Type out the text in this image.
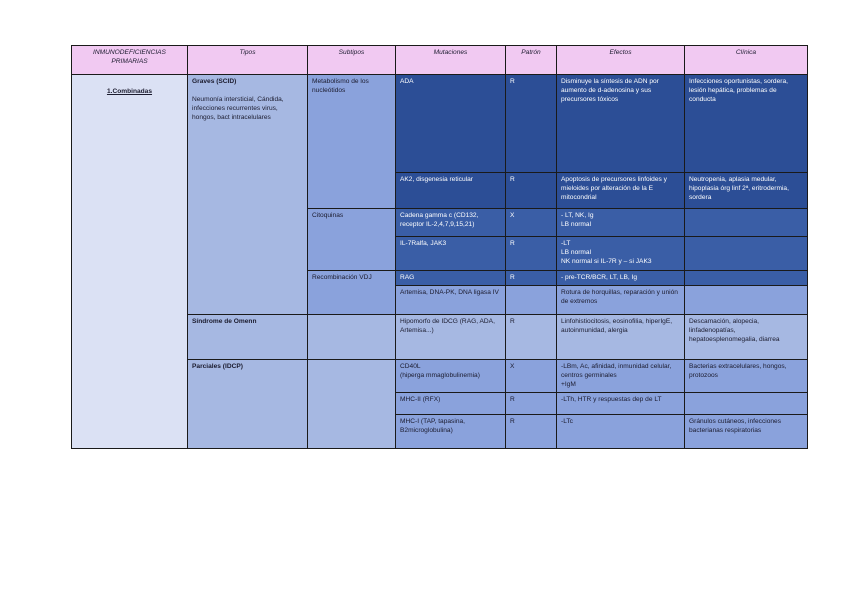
INMUNODEFICIENCIAS PRIMARIAS	Tipos	Subtipos	Mutaciones	Patrón	Efectos	Clínica
1.Combinadas	Graves (SCID)
Neumonía intersticial, Cándida, infecciones recurrentes virus, hongos, bact intracelulares	Metabolismo de los nucleótidos	ADA	R	Disminuye la síntesis de ADN por aumento de d-adenosina y sus precursores tóxicos	Infecciones oportunistas, sordera, lesión hepática, problemas de conducta
			AK2, disgenesia reticular	R	Apoptosis de precursores linfoides y mieloides por alteración de la E mitocondrial	Neutropenia, aplasia medular, hipoplasia órg linf 2ª, eritrodermia, sordera
		Citoquinas	Cadena gamma c (CD132, receptor IL-2,4,7,9,15,21)	X	- LT, NK, Ig
LB normal	
			IL-7Ralfa, JAK3	R	-LT
LB normal
NK normal si IL-7R y – si JAK3	
		Recombinación VDJ	RAG	R	- pre-TCR/BCR, LT, LB, Ig	
			Artemisa, DNA-PK, DNA ligasa IV		Rotura de horquillas, reparación y unión de extremos	
	Síndrome de Omenn		Hipomorfo de IDCG (RAG, ADA, Artemisa...)	R	Linfohistiocitosis, eosinofilia, hiperIgE, autoinmunidad, alergia	Descamación, alopecia, linfadenopatías, hepatoesplenomegalia, diarrea
	Parciales (IDCP)		CD40L
(hiperga mmaglobulinemia)	X	-LBm, Ac, afinidad, inmunidad celular, centros germinales
+IgM	Bacterias extracelulares, hongos, protozoos
			MHC-II (RFX)	R	-LTh, HTR y respuestas dep de LT	
			MHC-I (TAP, tapasina, B2microglobulina)	R	-LTc	Gránulos cutáneos, infecciones bacterianas respiratorias
